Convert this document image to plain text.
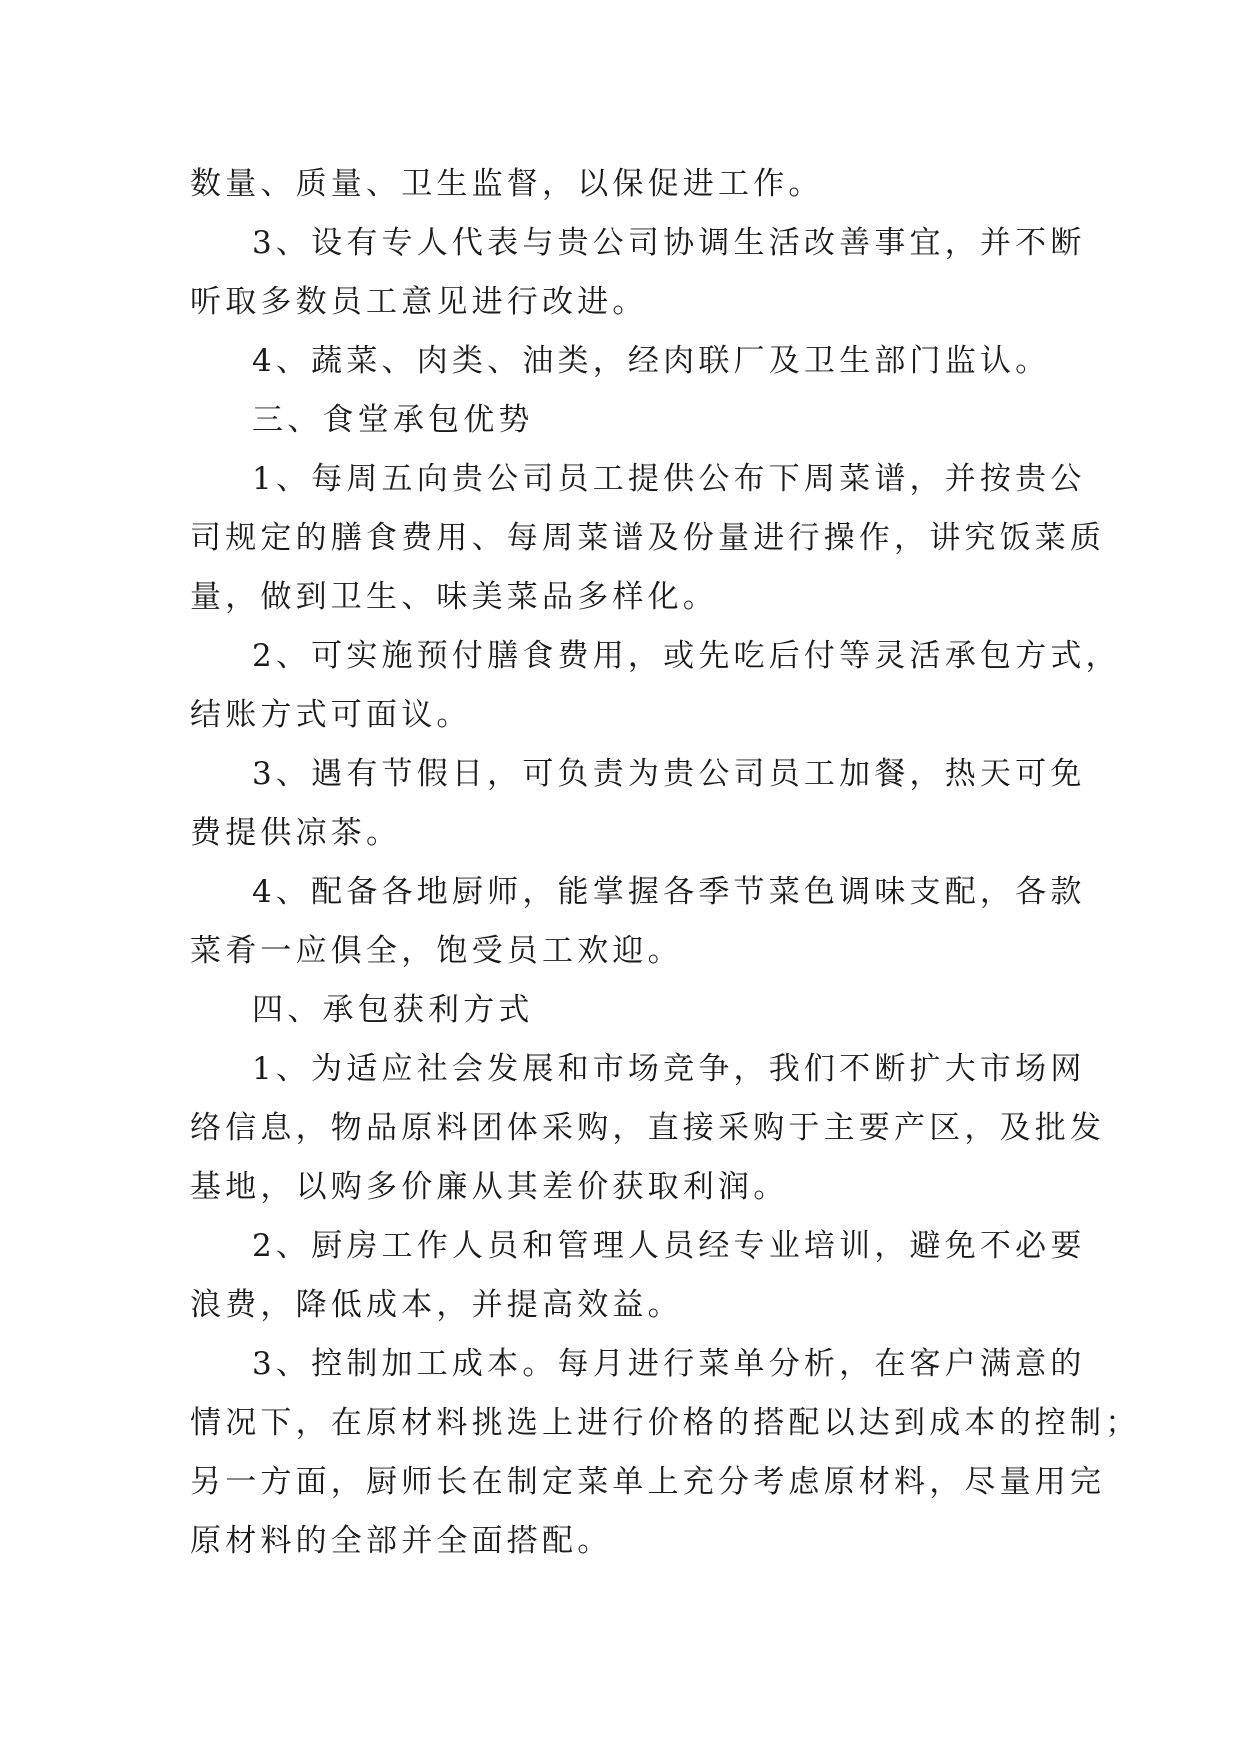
数量、质量、卫生监督，以保促进工作。

3、设有专人代表与贵公司协调生活改善事宜，并不断

听取多数员工意见进行改进。

4、蔬菜、肉类、油类，经肉联厂及卫生部门监认。

三、食堂承包优势

1、每周五向贵公司员工提供公布下周菜谱，并按贵公

司规定的膳食费用、每周菜谱及份量进行操作，讲究饭菜质

量，做到卫生、味美菜品多样化。

2、可实施预付膳食费用，或先吃后付等灵活承包方式，

结账方式可面议。

3、遇有节假日，可负责为贵公司员工加餐，热天可免

费提供凉茶。

4、配备各地厨师，能掌握各季节菜色调味支配，各款

菜肴一应俱全，饱受员工欢迎。

四、承包获利方式

1、为适应社会发展和市场竞争，我们不断扩大市场网

络信息，物品原料团体采购，直接采购于主要产区，及批发

基地，以购多价廉从其差价获取利润。

2、厨房工作人员和管理人员经专业培训，避免不必要

浪费，降低成本，并提高效益。

3、控制加工成本。每月进行菜单分析，在客户满意的

情况下，在原材料挑选上进行价格的搭配以达到成本的控制；

另一方面，厨师长在制定菜单上充分考虑原材料，尽量用完

原材料的全部并全面搭配。
